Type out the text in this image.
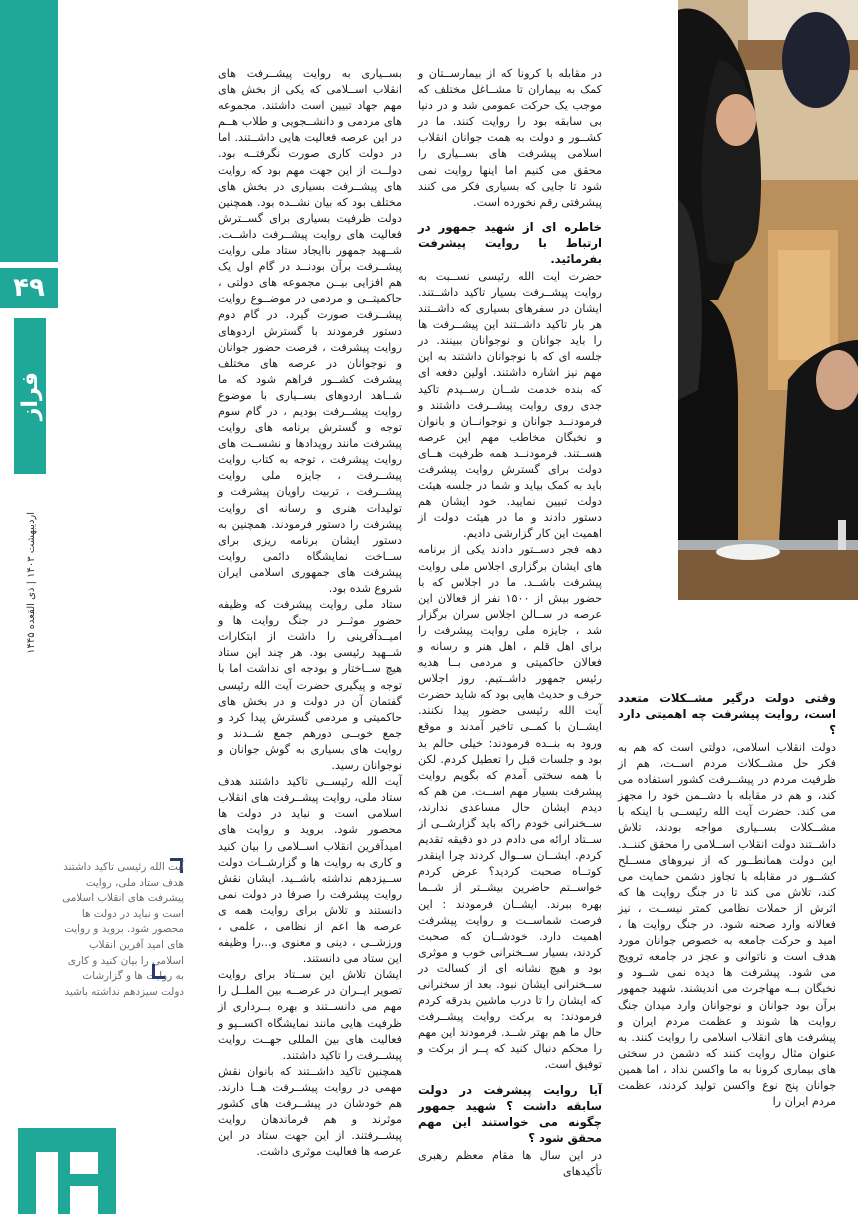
۴۹
فراز
اردیبهشت ۱۴۰۳ | ذی القعده ۱۴۴۵

بســیاری به روایت پیشــرفت های انقلاب اســلامی که یکی از بخش های مهم جهاد تبیین است داشتند. مجموعه های مردمی و دانشــجویی و طلاب هــم در این عرصه فعالیت هایی داشــتند. اما در دولت کاری صورت نگرفتــه بود. دولــت از این جهت مهم بود که روایت های پیشــرفت بسیاری در بخش های مختلف بود که بیان نشــده بود. همچنین دولت ظرفیت بسیاری برای گســترش فعالیت های روایت پیشــرفت داشــت. شــهید جمهور باایجاد ستاد ملی روایت پیشــرفت برآن بودنــد در گام اول یک هم افزایی بیــن مجموعه های دولتی ، حاکمیتــی و مردمی در موضــوع روایت پیشــرفت صورت گیرد. در گام دوم دستور فرمودند با گسترش اردوهای روایت پیشرفت ، فرصت حضور جوانان و نوجوانان در عرصه های مختلف پیشرفت کشــور فراهم شود که ما شــاهد اردوهای بســیاری با موضوع روایت پیشــرفت بودیم ، در گام سوم توجه و گسترش برنامه های روایت پیشرفت مانند رویدادها و نشســت های روایت پیشرفت ، توجه به کتاب روایت پیشــرفت ، جایزه ملی روایت پیشــرفت ، تربیت راویان پیشرفت و تولیدات هنری و رسانه ای روایت پیشرفت را دستور فرمودند. همچنین به دستور ایشان برنامه ریزی برای ســاخت نمایشگاه دائمی روایت پیشرفت های جمهوری اسلامی ایران شروع شده بود.

ستاد ملی روایت پیشرفت که وظیفه حضور موثــر در جنگ روایت ها و امیــدآفرینی را داشت از ابتکارات شــهید رئیسی بود. هر چند این ستاد هیچ ســاختار و بودجه ای نداشت اما با توجه و پیگیری حضرت آیت الله رئیسی گفتمان آن در دولت و در بخش های حاکمیتی و مردمی گسترش پیدا کرد و جمع خوبــی دورهم جمع شــدند و روایت های بسیاری به گوش جوانان و نوجوانان رسید.

آیت الله رئیســی تاکید داشتند هدف ستاد ملی، روایت پیشــرفت های انقلاب اسلامی است و نباید در دولت ها محصور شود. بروید و روایت های امیدآفرین انقلاب اســلامی را بیان کنید و کاری به روایت ها و گزارشــات دولت ســیزدهم نداشته باشــید. ایشان نقش روایت پیشرفت را صرفا در دولت نمی دانستند و تلاش برای روایت همه ی عرصه ها اعم از نظامی ، علمی ، ورزشــی ، دینی و معنوی و...را وظیفه این ستاد می دانستند.

ایشان تلاش این ســتاد برای روایت تصویر ایــران در عرصــه بین الملــل را مهم می دانســتند و بهره بــرداری از ظرفیت هایی مانند نمایشگاه اکســپو و فعالیت های بین المللی جهــت روایت پیشــرفت را تاکید داشتند.

همچنین تاکید داشــتند که بانوان نقش مهمی در روایت پیشــرفت هــا دارند. هم خودشان در پیشــرفت های کشور موثرند و هم فرماندهان روایت پیشــرفتند. از این جهت ستاد در این عرصه ها فعالیت موثری داشت.

در مقابله با کرونا که از بیمارســتان و کمک به بیماران تا مشــاغل مختلف که موجب یک حرکت عمومی شد و در دنیا بی سابقه بود را روایت کنند. ما در کشــور و دولت به همت جوانان انقلاب اسلامی پیشرفت های بســیاری را محقق می کنیم اما اینها روایت نمی شود تا جایی که بسیاری فکر می کنند پیشرفتی رقم نخورده است.

خاطره ای از شهید جمهور در ارتباط با روایت پیشرفت بفرمائید.

حضرت ایت الله رئیسی نســبت به روایت پیشــرفت بسیار تاکید داشــتند. ایشان در سفرهای بسیاری که داشــتند هر بار تاکید داشــتند این پیشــرفت ها را باید جوانان و نوجوانان ببینند. در جلسه ای که با نوجوانان داشتند به این مهم نیز اشاره داشتند. اولین دفعه ای که بنده خدمت شــان رســیدم تاکید جدی روی روایت پیشــرفت داشتند و فرمودنــد جوانان و نوجوانــان و بانوان و نخبگان مخاطب مهم این عرصه هســتند. فرمودنــد همه ظرفیت هــای دولت برای گسترش روایت پیشرفت باید به کمک بیاید و شما در جلسه هیئت دولت تبیین نمایید. خود ایشان هم دستور دادند و ما در هیئت دولت از اهمیت این کار گزارشی دادیم.

دهه فجر دســتور دادند یکی از برنامه های ایشان برگزاری اجلاس ملی روایت پیشرفت باشــد. ما در اجلاس که با حضور بیش از ۱۵۰۰ نفر از فعالان این عرصه در ســالن اجلاس سران برگزار شد ، جایزه ملی روایت پیشرفت را برای اهل قلم ، اهل هنر و رسانه و فعالان حاکمیتی و مردمی بــا هدیه رئیس جمهور داشــتیم. روز اجلاس حرف و حدیث هایی بود که شاید حضرت آیت الله رئیسی حضور پیدا نکنند. ایشــان با کمــی تاخیر آمدند و موقع ورود به بنــده فرمودند: خیلی حالم بد بود و جلسات قبل را تعطیل کردم. لکن با همه سختی آمدم که بگویم روایت پیشرفت بسیار مهم اســت. من هم که دیدم ایشان حال مساعدی ندارند، ســخنرانی خودم راکه باید گزارشــی از ســتاد ارائه می دادم در دو دقیقه تقدیم کردم. ایشــان ســوال کردند چرا اینقدر کوتــاه صحبت کردید؟ عرض کردم خواســتم حاضرین بیشــتر از شــما بهره ببرند. ایشــان فرمودند : این فرصت شماســت و روایت پیشرفت اهمیت دارد. خودشــان که صحبت کردند، بسیار ســخنرانی خوب و موثری بود و هیچ نشانه ای از کسالت در ســخنرانی ایشان نبود. بعد از سخنرانی که ایشان را تا درب ماشین بدرقه کردم فرمودند: به برکت روایت پیشــرفت حال ما هم بهتر شــد. فرمودند این مهم را محکم دنبال کنید که پــر از برکت و توفیق است.

آیا روایت پیشرفت در دولت سابقه داشت ؟ شهید جمهور چگونه می خواستند این مهم محقق شود ؟

در این سال ها مقام معظم رهبری تأکیدهای

وقتی دولت درگیر مشــکلات متعدد است، روایت پیشرفت چه اهمیتی دارد ؟

دولت انقلاب اسلامی، دولتی است که هم به فکر حل مشــکلات مردم اســت، هم از ظرفیت مردم در پیشــرفت کشور استفاده می کند، و هم در مقابله با دشــمن خود را مجهز می کند. حضرت آیت الله رئیســی با اینکه با مشــکلات بســیاری مواجه بودند، تلاش داشــتند دولت انقلاب اســلامی را محقق کننــد. این دولت همانطــور که از نیروهای مســلح کشــور در مقابله با تجاوز دشمن حمایت می کند، تلاش می کند تا در جنگ روایت ها که اثرش از حملات نظامی کمتر نیســت ، نیز فعالانه وارد صحنه شود. در جنگ روایت ها ، امید و حرکت جامعه به خصوص جوانان مورد هدف است و ناتوانی و عجز در جامعه ترویج می شود. پیشرفت ها دیده نمی شــود و نخبگان بــه مهاجرت می اندیشند. شهید جمهور برآن بود جوانان و نوجوانان وارد میدان جنگ روایت ها شوند و عظمت مردم ایران و پیشرفت های انقلاب اسلامی را روایت کنند. به عنوان مثال روایت کنند که دشمن در سختی های بیماری کرونا به ما واکسن نداد ، اما همین جوانان پنج نوع واکسن تولید کردند، عظمت مردم ایران را

آیت الله رئیسی تاکید داشتند هدف ستاد ملی، روایت پیشرفت های انقلاب اسلامی است و نباید در دولت ها محصور شود. بروید و روایت های امید آفرین انقلاب اسلامی را بیان کنید و کاری به روایت ها و گزارشات دولت سیزدهم نداشته باشید
